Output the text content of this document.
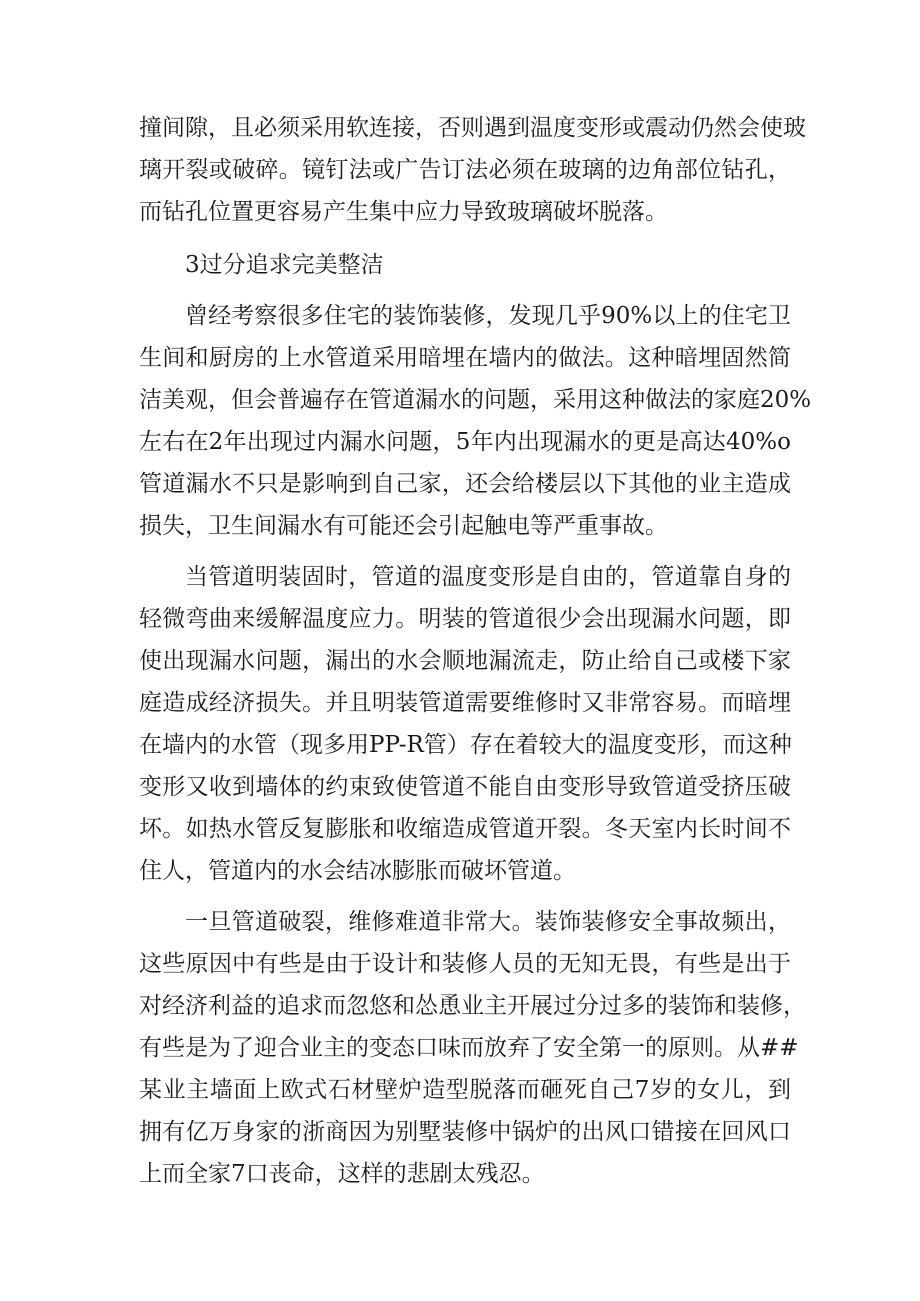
撞间隙，且必须采用软连接，否则遇到温度变形或震动仍然会使玻
璃开裂或破碎。镜钉法或广告订法必须在玻璃的边角部位钻孔，
而钻孔位置更容易产生集中应力导致玻璃破坏脱落。
3过分追求完美整洁
曾经考察很多住宅的装饰装修，发现几乎90%以上的住宅卫
生间和厨房的上水管道采用暗埋在墙内的做法。这种暗埋固然简
洁美观，但会普遍存在管道漏水的问题，采用这种做法的家庭20%
左右在2年出现过内漏水问题，5年内出现漏水的更是高达40%o
管道漏水不只是影响到自己家，还会给楼层以下其他的业主造成
损失，卫生间漏水有可能还会引起触电等严重事故。
当管道明装固时，管道的温度变形是自由的，管道靠自身的
轻微弯曲来缓解温度应力。明装的管道很少会出现漏水问题，即
使出现漏水问题，漏出的水会顺地漏流走，防止给自己或楼下家
庭造成经济损失。并且明装管道需要维修时又非常容易。而暗埋
在墙内的水管（现多用PP-R管）存在着较大的温度变形，而这种
变形又收到墙体的约束致使管道不能自由变形导致管道受挤压破
坏。如热水管反复膨胀和收缩造成管道开裂。冬天室内长时间不
住人，管道内的水会结冰膨胀而破坏管道。
一旦管道破裂，维修难道非常大。装饰装修安全事故频出，
这些原因中有些是由于设计和装修人员的无知无畏，有些是出于
对经济利益的追求而忽悠和怂恿业主开展过分过多的装饰和装修，
有些是为了迎合业主的变态口味而放弃了安全第一的原则。从##
某业主墙面上欧式石材壁炉造型脱落而砸死自己7岁的女儿，到
拥有亿万身家的浙商因为别墅装修中锅炉的出风口错接在回风口
上而全家7口丧命，这样的悲剧太残忍。
